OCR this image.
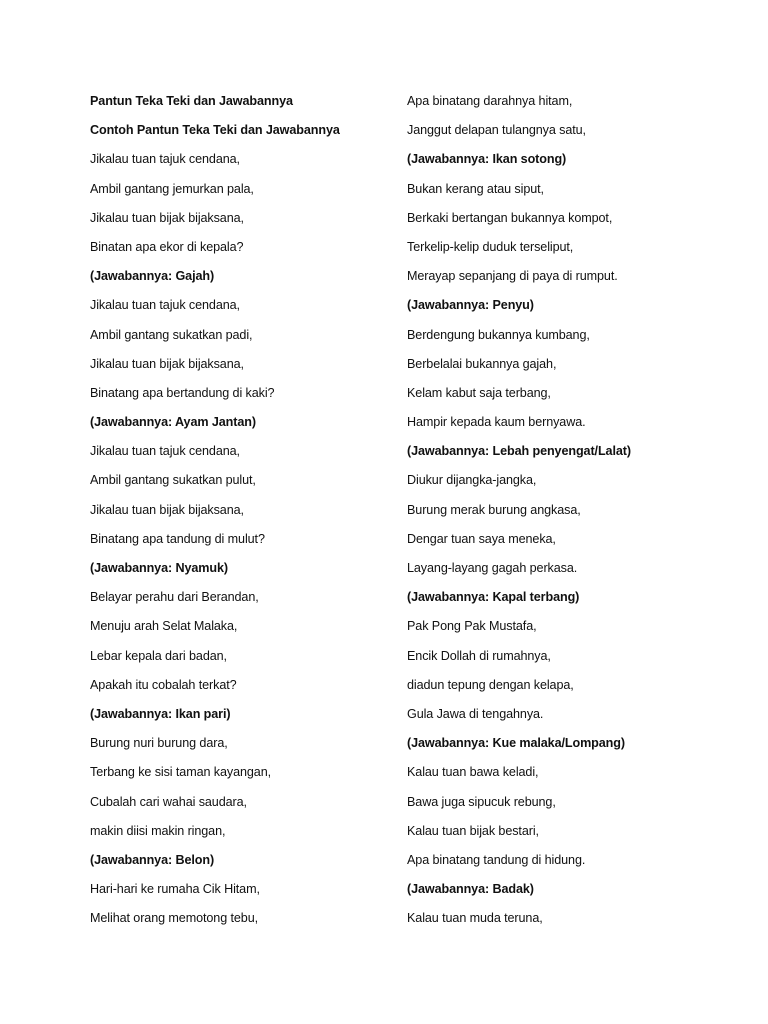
Pantun Teka Teki dan Jawabannya
Contoh Pantun Teka Teki dan Jawabannya
Jikalau tuan tajuk cendana,
Ambil gantang jemurkan pala,
Jikalau tuan bijak bijaksana,
Binatan apa ekor di kepala?
(Jawabannya: Gajah)
Jikalau tuan tajuk cendana,
Ambil gantang sukatkan padi,
Jikalau tuan bijak bijaksana,
Binatang apa bertandung di kaki?
(Jawabannya: Ayam Jantan)
Jikalau tuan tajuk cendana,
Ambil gantang sukatkan pulut,
Jikalau tuan bijak bijaksana,
Binatang apa tandung di mulut?
(Jawabannya: Nyamuk)
Belayar perahu dari Berandan,
Menuju arah Selat Malaka,
Lebar kepala dari badan,
Apakah itu cobalah terkat?
(Jawabannya: Ikan pari)
Burung nuri burung dara,
Terbang ke sisi taman kayangan,
Cubalah cari wahai saudara,
makin diisi makin ringan,
(Jawabannya: Belon)
Hari-hari ke rumaha Cik Hitam,
Melihat orang memotong tebu,
Apa binatang darahnya hitam,
Janggut delapan tulangnya satu,
(Jawabannya: Ikan sotong)
Bukan kerang atau siput,
Berkaki bertangan bukannya kompot,
Terkelip-kelip duduk terseliput,
Merayap sepanjang di paya di rumput.
(Jawabannya: Penyu)
Berdengung bukannya kumbang,
Berbelalai bukannya gajah,
Kelam kabut saja terbang,
Hampir kepada kaum bernyawa.
(Jawabannya: Lebah penyengat/Lalat)
Diukur dijangka-jangka,
Burung merak burung angkasa,
Dengar tuan saya meneka,
Layang-layang gagah perkasa.
(Jawabannya: Kapal terbang)
Pak Pong Pak Mustafa,
Encik Dollah di rumahnya,
diadun tepung dengan kelapa,
Gula Jawa di tengahnya.
(Jawabannya: Kue malaka/Lompang)
Kalau tuan bawa keladi,
Bawa juga sipucuk rebung,
Kalau tuan bijak bestari,
Apa binatang tandung di hidung.
(Jawabannya: Badak)
Kalau tuan muda teruna,
